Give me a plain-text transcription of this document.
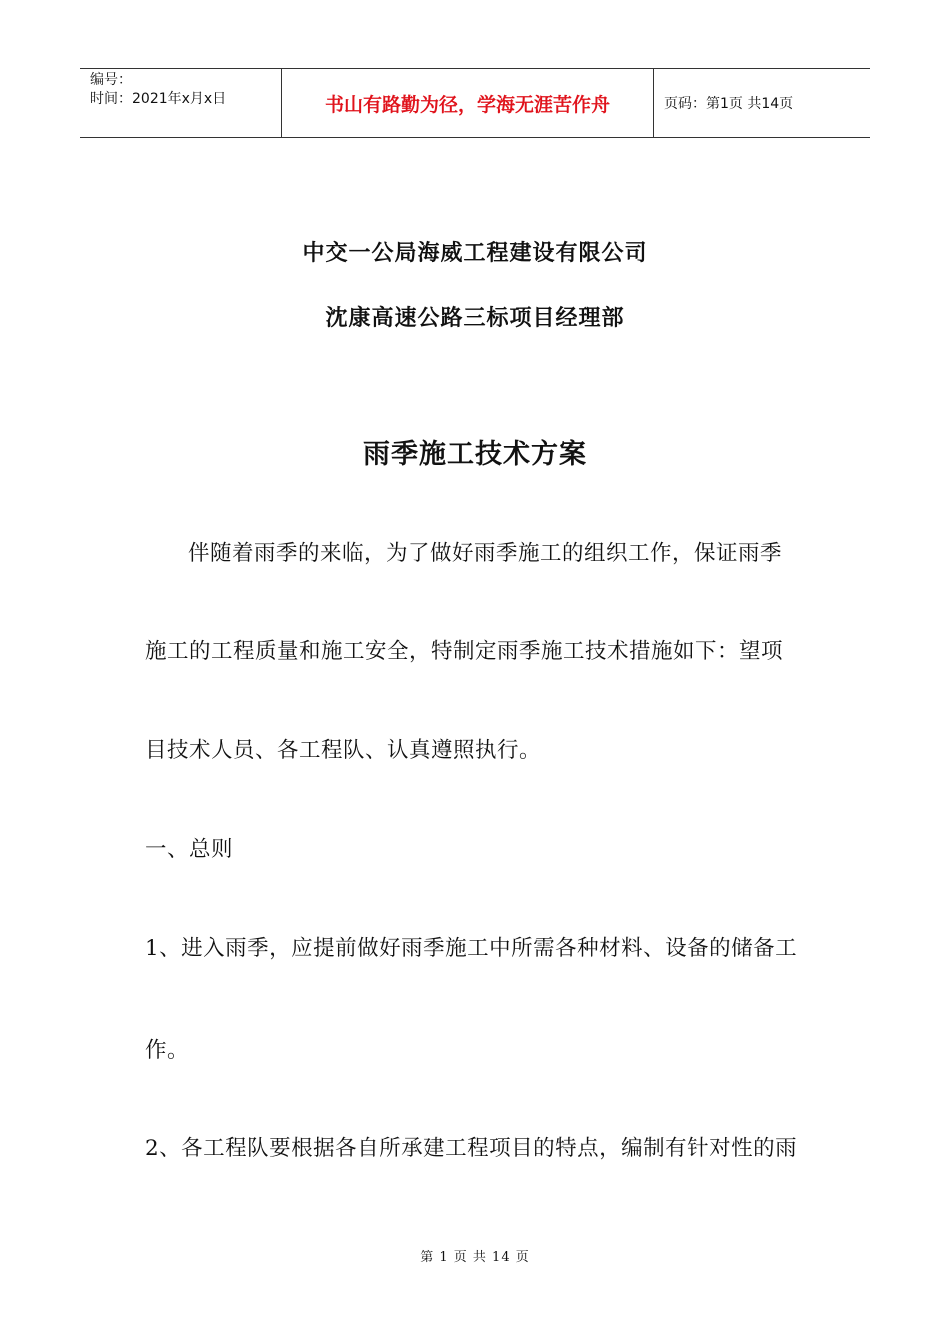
编号：
时间：2021年x月x日	书山有路勤为径，学海无涯苦作舟	页码：第1页 共14页
中交一公局海威工程建设有限公司
沈康高速公路三标项目经理部
雨季施工技术方案
伴随着雨季的来临，为了做好雨季施工的组织工作，保证雨季
施工的工程质量和施工安全，特制定雨季施工技术措施如下：望项
目技术人员、各工程队、认真遵照执行。
一、总则
1、进入雨季，应提前做好雨季施工中所需各种材料、设备的储备工
作。
2、各工程队要根据各自所承建工程项目的特点，编制有针对性的雨
第 1 页 共 14 页
